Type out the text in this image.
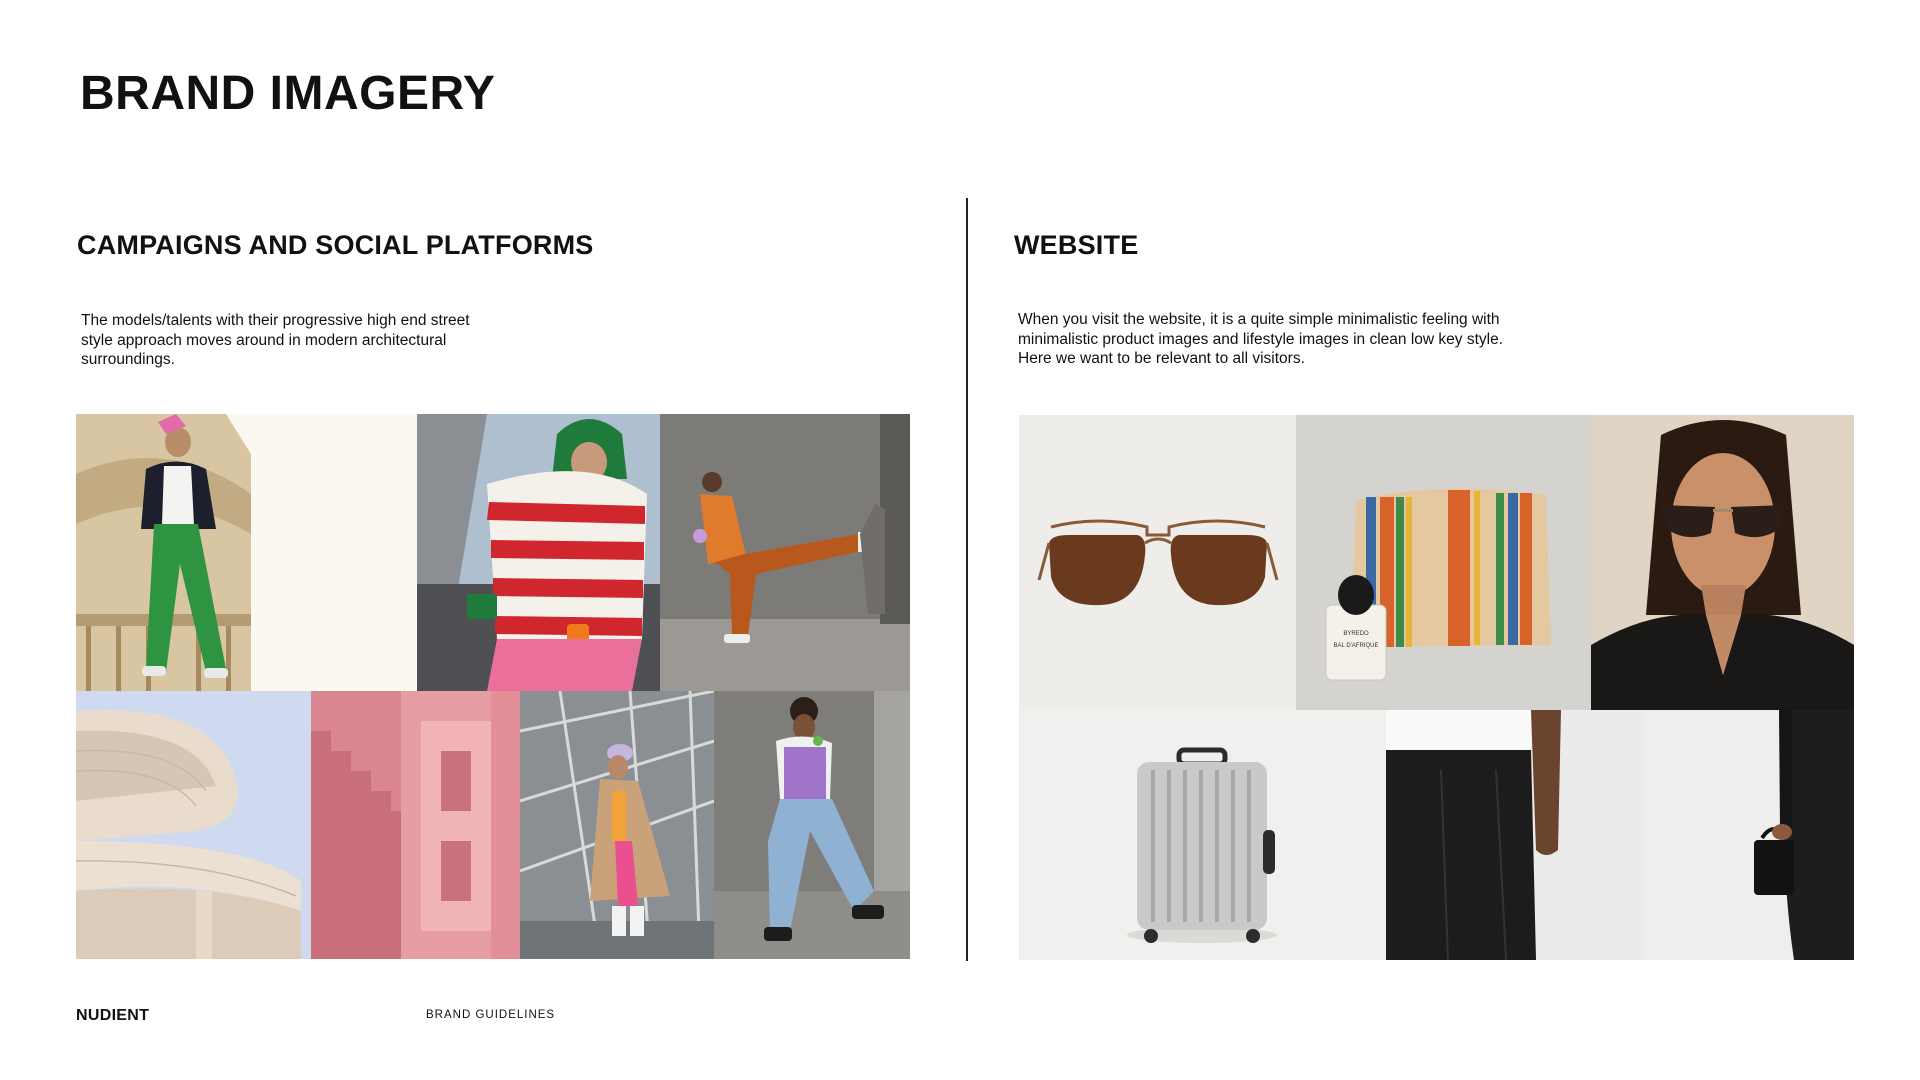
BRAND IMAGERY
CAMPAIGNS AND SOCIAL PLATFORMS
The models/talents with their progressive high end street
style approach moves around in modern architectural
surroundings.
WEBSITE
When you visit the website, it is a quite simple minimalistic feeling with
minimalistic product images and lifestyle images in clean low key style.
Here we want to be relevant to all visitors.
BYREDO
BAL D'AFRIQUE
NUDIENT	BRAND GUIDELINES
